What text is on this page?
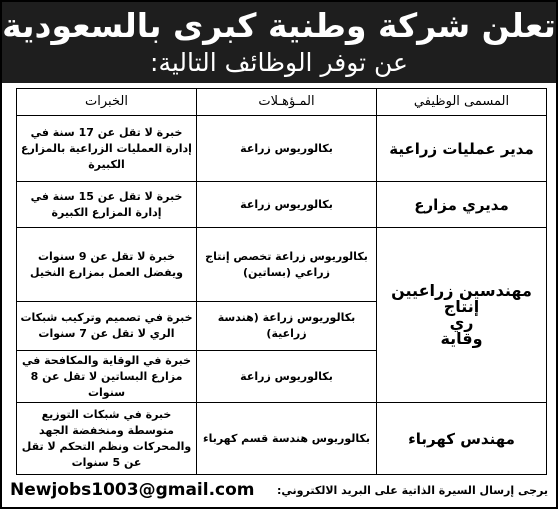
تعلن شركة وطنية كبرى بالسعودية
عن توفر الوظائف التالية:
المسمى الوظيفي	المـؤهـلات	الخبرات
مدير عمليات زراعية	بكالوريوس زراعة	خبرة لا تقل عن 17 سنة في إدارة العمليات الزراعية بالمزارع الكبيرة
مديري مزارع	بكالوريوس زراعة	خبرة لا تقل عن 15 سنة في إدارة المزارع الكبيرة

مهندسين زراعيين
إنتاج
ري
وقاية	بكالوريوس زراعة تخصص إنتاج زراعي (بساتين)	خبرة لا تقل عن 9 سنوات ويفضل العمل بمزارع النخيل
	بكالوريوس زراعة (هندسة زراعية)	خبرة في تصميم وتركيب شبكات الري لا تقل عن 7 سنوات
	بكالوريوس زراعة	خبرة في الوقاية والمكافحة في مزارع البساتين لا تقل عن 8 سنوات
مهندس كهرباء	بكالوريوس هندسة قسم كهرباء	خبرة في شبكات التوزيع متوسطة ومنخفضة الجهد والمحركات ونظم التحكم لا تقل عن 5 سنوات
يرجى إرسال السيرة الذاتية على البريد الالكتروني:
Newjobs1003@gmail.com
